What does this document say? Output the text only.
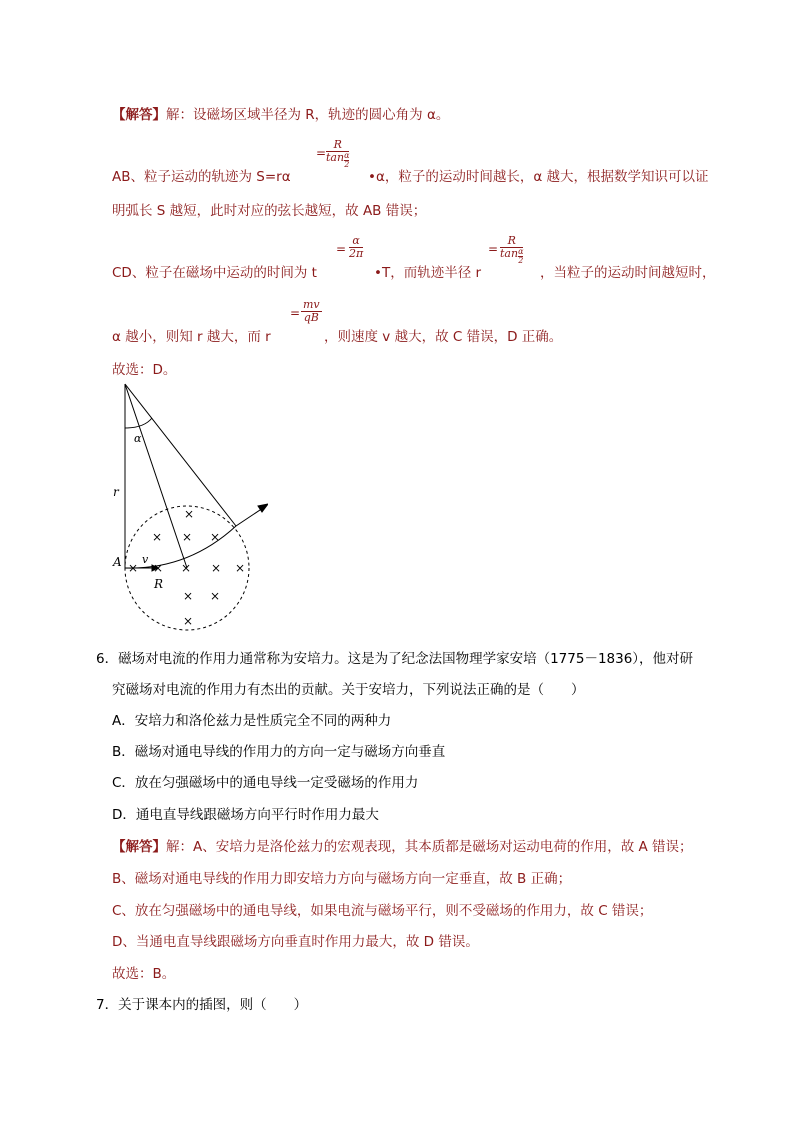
【解答】解：设磁场区域半径为 R，轨迹的圆心角为 α。
AB、粒子运动的轨迹为 S=rα
= $\frac{R}{\tan \frac{\alpha}{2}}$
•α，粒子的运动时间越长，α 越大，根据数学知识可以证
明弧长 S 越短，此时对应的弦长越短，故 AB 错误；
CD、粒子在磁场中运动的时间为 t
= $\frac{\alpha}{2\pi}$
•T，而轨迹半径 r
= $\frac{R}{\tan \frac{\alpha}{2}}$
，当粒子的运动时间越短时，
α 越小，则知 r 越大，而 r
= $\frac{mv}{qB}$
，则速度 v 越大，故 C 错误，D 正确。
故选：D。
α
r
A v
R
×
× × ×
× × × × ×
× ×
×
6．磁场对电流的作用力通常称为安培力。这是为了纪念法国物理学家安培（1775－1836），他对研
究磁场对电流的作用力有杰出的贡献。关于安培力，下列说法正确的是（　　）
A．安培力和洛伦兹力是性质完全不同的两种力
B．磁场对通电导线的作用力的方向一定与磁场方向垂直
C．放在匀强磁场中的通电导线一定受磁场的作用力
D．通电直导线跟磁场方向平行时作用力最大
【解答】解：A、安培力是洛伦兹力的宏观表现，其本质都是磁场对运动电荷的作用，故 A 错误；
B、磁场对通电导线的作用力即安培力方向与磁场方向一定垂直，故 B 正确；
C、放在匀强磁场中的通电导线，如果电流与磁场平行，则不受磁场的作用力，故 C 错误；
D、当通电直导线跟磁场方向垂直时作用力最大，故 D 错误。
故选：B。
7．关于课本内的插图，则（　　）
